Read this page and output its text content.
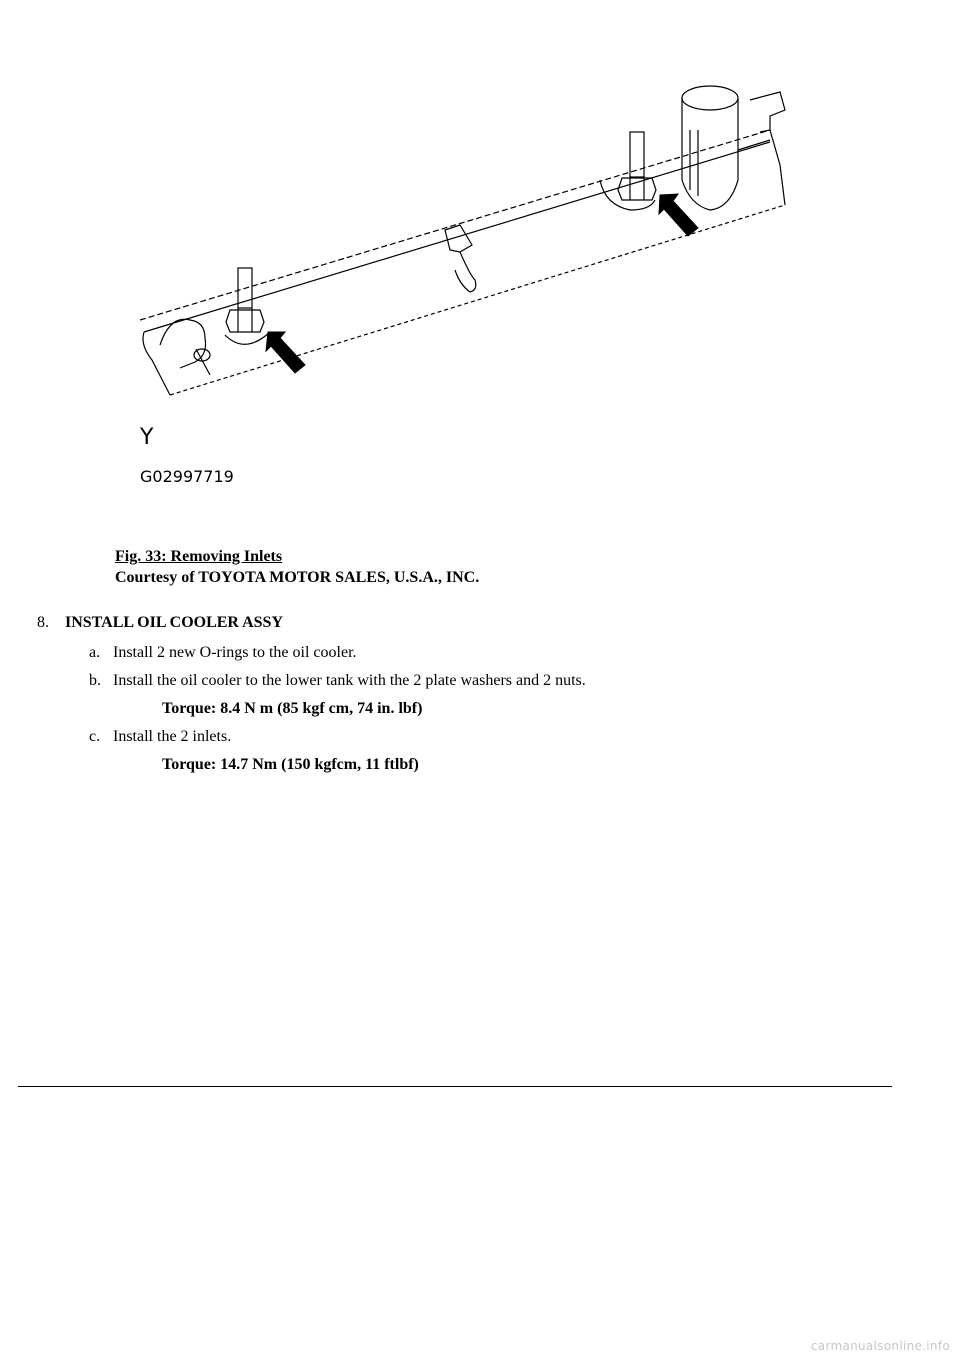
Y
G02997719
Fig. 33: Removing Inlets
Courtesy of TOYOTA MOTOR SALES, U.S.A., INC.
8. INSTALL OIL COOLER ASSY
a. Install 2 new O-rings to the oil cooler.
b. Install the oil cooler to the lower tank with the 2 plate washers and 2 nuts.
Torque: 8.4 N m (85 kgf cm, 74 in. lbf)
c. Install the 2 inlets.
Torque: 14.7 Nm (150 kgfcm, 11 ftlbf)
carmanualsonline.info
